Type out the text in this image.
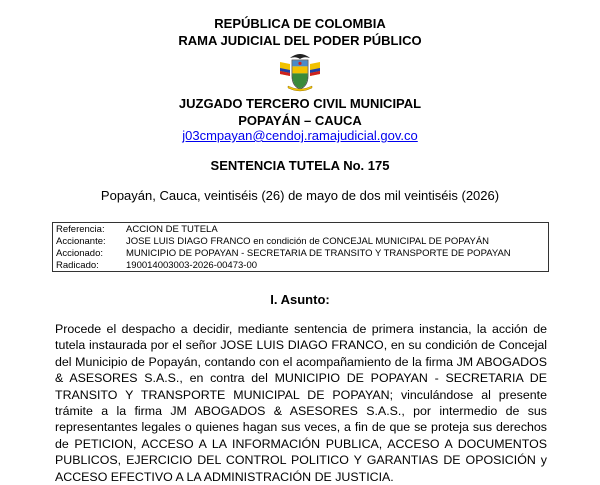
REPÚBLICA DE COLOMBIA
RAMA JUDICIAL DEL PODER PÚBLICO
JUZGADO TERCERO CIVIL MUNICIPAL
POPAYÁN – CAUCA
j03cmpayan@cendoj.ramajudicial.gov.co
SENTENCIA TUTELA No. 175
Popayán, Cauca, veintiséis (26) de mayo de dos mil veintiséis (2026)
Referencia:	ACCION DE TUTELA
Accionante:	JOSE LUIS DIAGO FRANCO en condición de CONCEJAL MUNICIPAL DE POPAYÁN
Accionado:	MUNICIPIO DE POPAYAN - SECRETARIA DE TRANSITO Y TRANSPORTE DE POPAYAN
Radicado:	190014003003-2026-00473-00
I. Asunto:

Procede el despacho a decidir, mediante sentencia de primera instancia, la acción de tutela instaurada por el señor JOSE LUIS DIAGO FRANCO, en su condición de Concejal del Municipio de Popayán, contando con el acompañamiento de la firma JM ABOGADOS & ASESORES S.A.S., en contra del MUNICIPIO DE POPAYAN - SECRETARIA DE TRANSITO Y TRANSPORTE MUNICIPAL DE POPAYAN; vinculándose al presente trámite a la firma JM ABOGADOS & ASESORES S.A.S., por intermedio de sus representantes legales o quienes hagan sus veces, a fin de que se proteja sus derechos de PETICION, ACCESO A LA INFORMACIÓN PUBLICA, ACCESO A DOCUMENTOS PUBLICOS, EJERCICIO DEL CONTROL POLITICO Y GARANTIAS DE OPOSICIÓN y ACCESO EFECTIVO A LA ADMINISTRACIÓN DE JUSTICIA.
